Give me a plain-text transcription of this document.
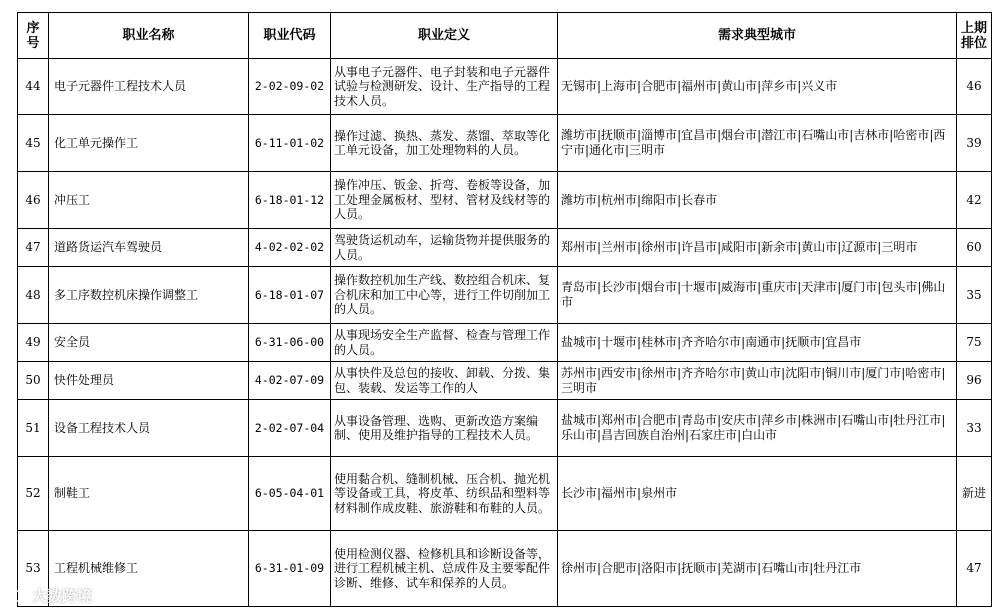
序号	职业名称	职业代码	职业定义	需求典型城市	上期排位
44	电子元器件工程技术人员	2-02-09-02	从事电子元器件、电子封装和电子元器件试验与检测研发、设计、生产指导的工程技术人员。	无锡市|上海市|合肥市|福州市|黄山市|萍乡市|兴义市	46
45	化工单元操作工	6-11-01-02	操作过滤、换热、蒸发、蒸馏、萃取等化工单元设备，加工处理物料的人员。	潍坊市|抚顺市|淄博市|宜昌市|烟台市|潜江市|石嘴山市|吉林市|哈密市|西宁市|通化市|三明市	39
46	冲压工	6-18-01-12	操作冲压、钣金、折弯、卷板等设备，加工处理金属板材、型材、管材及线材等的人员。	潍坊市|杭州市|绵阳市|长春市	42
47	道路货运汽车驾驶员	4-02-02-02	驾驶货运机动车，运输货物并提供服务的人员。	郑州市|兰州市|徐州市|许昌市|咸阳市|新余市|黄山市|辽源市|三明市	60
48	多工序数控机床操作调整工	6-18-01-07	操作数控机加生产线、数控组合机床、复合机床和加工中心等，进行工件切削加工的人员。	青岛市|长沙市|烟台市|十堰市|威海市|重庆市|天津市|厦门市|包头市|佛山市	35
49	安全员	6-31-06-00	从事现场安全生产监督、检查与管理工作的人员。	盐城市|十堰市|桂林市|齐齐哈尔市|南通市|抚顺市|宜昌市	75
50	快件处理员	4-02-07-09	从事快件及总包的接收、卸载、分拨、集包、装载、发运等工作的人	苏州市|西安市|徐州市|齐齐哈尔市|黄山市|沈阳市|铜川市|厦门市|哈密市|三明市	96
51	设备工程技术人员	2-02-07-04	从事设备管理、选购、更新改造方案编制、使用及维护指导的工程技术人员。	盐城市|郑州市|合肥市|青岛市|安庆市|萍乡市|株洲市|石嘴山市|牡丹江市|乐山市|昌吉回族自治州|石家庄市|白山市	33
52	制鞋工	6-05-04-01	使用黏合机、缝制机械、压合机、抛光机等设备或工具，将皮革、纺织品和塑料等材料制作成皮鞋、旅游鞋和布鞋的人员。	长沙市|福州市|泉州市	新进
53	工程机械维修工	6-31-01-09	使用检测仪器、检修机具和诊断设备等，进行工程机械主机、总成件及主要零配件诊断、维修、试车和保养的人员。	徐州市|合肥市|洛阳市|抚顺市|芜湖市|石嘴山市|牡丹江市	47
大数跨境
